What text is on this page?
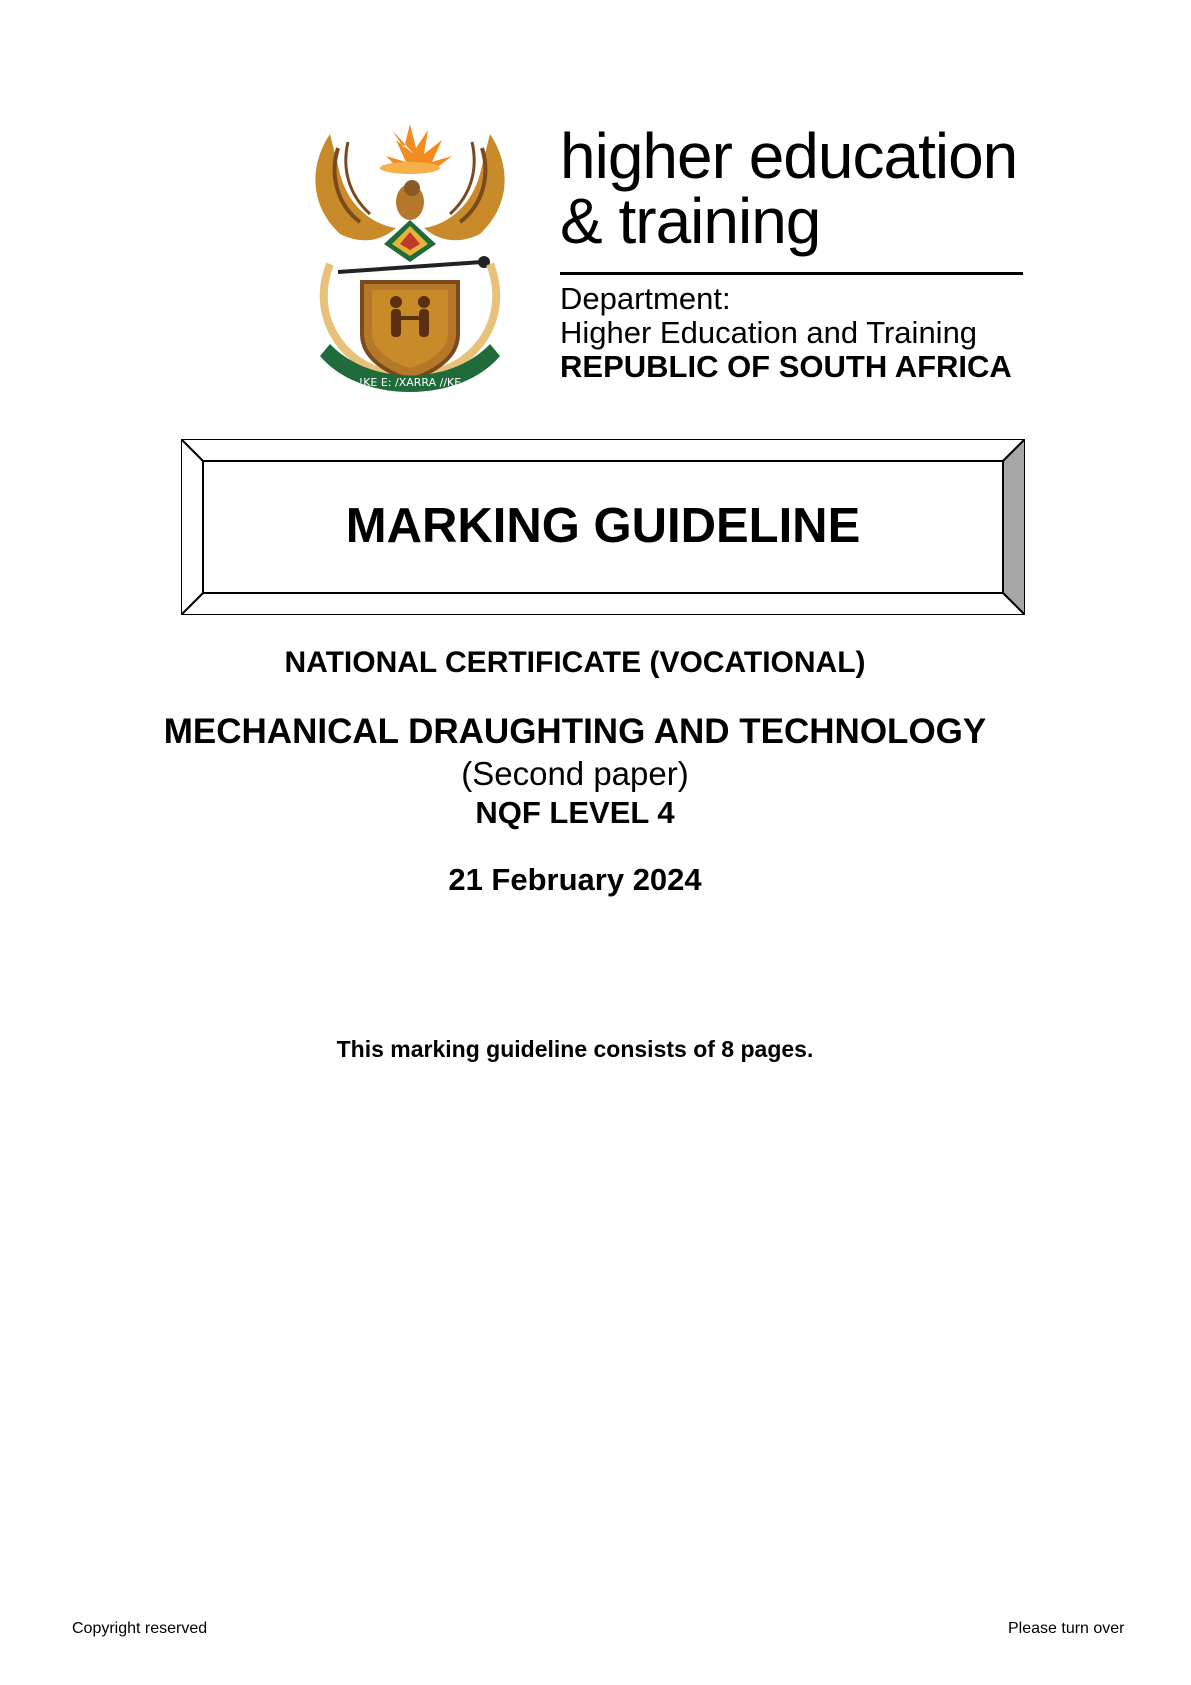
!KE E: /XARRA //KE
higher education
& training
Department:
Higher Education and Training
REPUBLIC OF SOUTH AFRICA
MARKING GUIDELINE
NATIONAL CERTIFICATE (VOCATIONAL)
MECHANICAL DRAUGHTING AND TECHNOLOGY
(Second paper)
NQF LEVEL 4
21 February 2024
This marking guideline consists of 8 pages.
Copyright reserved	Please turn over
